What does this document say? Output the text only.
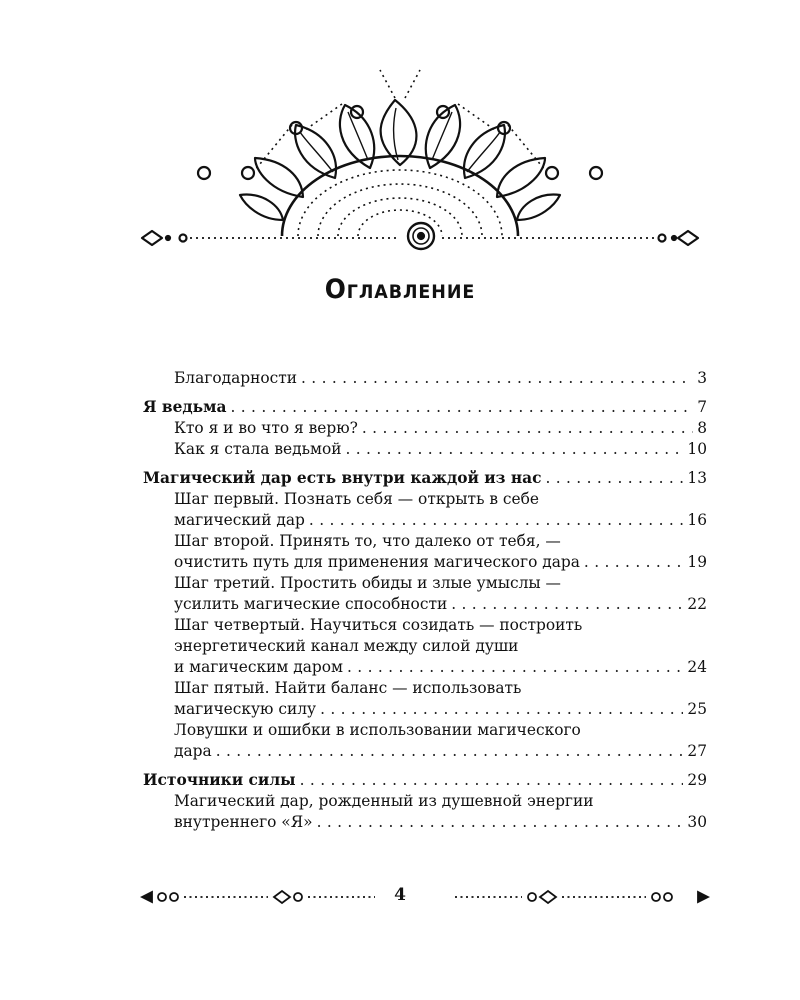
Оглавление
Благодарности . . .	3
Я ведьма . . .	7
Кто я и во что я верю? . . .	8
Как я стала ведьмой . . .	10
Магический дар есть внутри каждой из нас . . .	13
Шаг первый. Познать себя — открыть в себе
магический дар . . .	16
Шаг второй. Принять то, что далеко от тебя, —
очистить путь для применения магического дара . . .	19
Шаг третий. Простить обиды и злые умыслы —
усилить магические способности . . .	22
Шаг четвертый. Научиться созидать — построить
энергетический канал между силой души
и магическим даром . . .	24
Шаг пятый. Найти баланс — использовать
магическую силу . . .	25
Ловушки и ошибки в использовании магического
дара . . .	27
Источники силы . . .	29
Магический дар, рожденный из душевной энергии
внутреннего «Я» . . .	30
4
